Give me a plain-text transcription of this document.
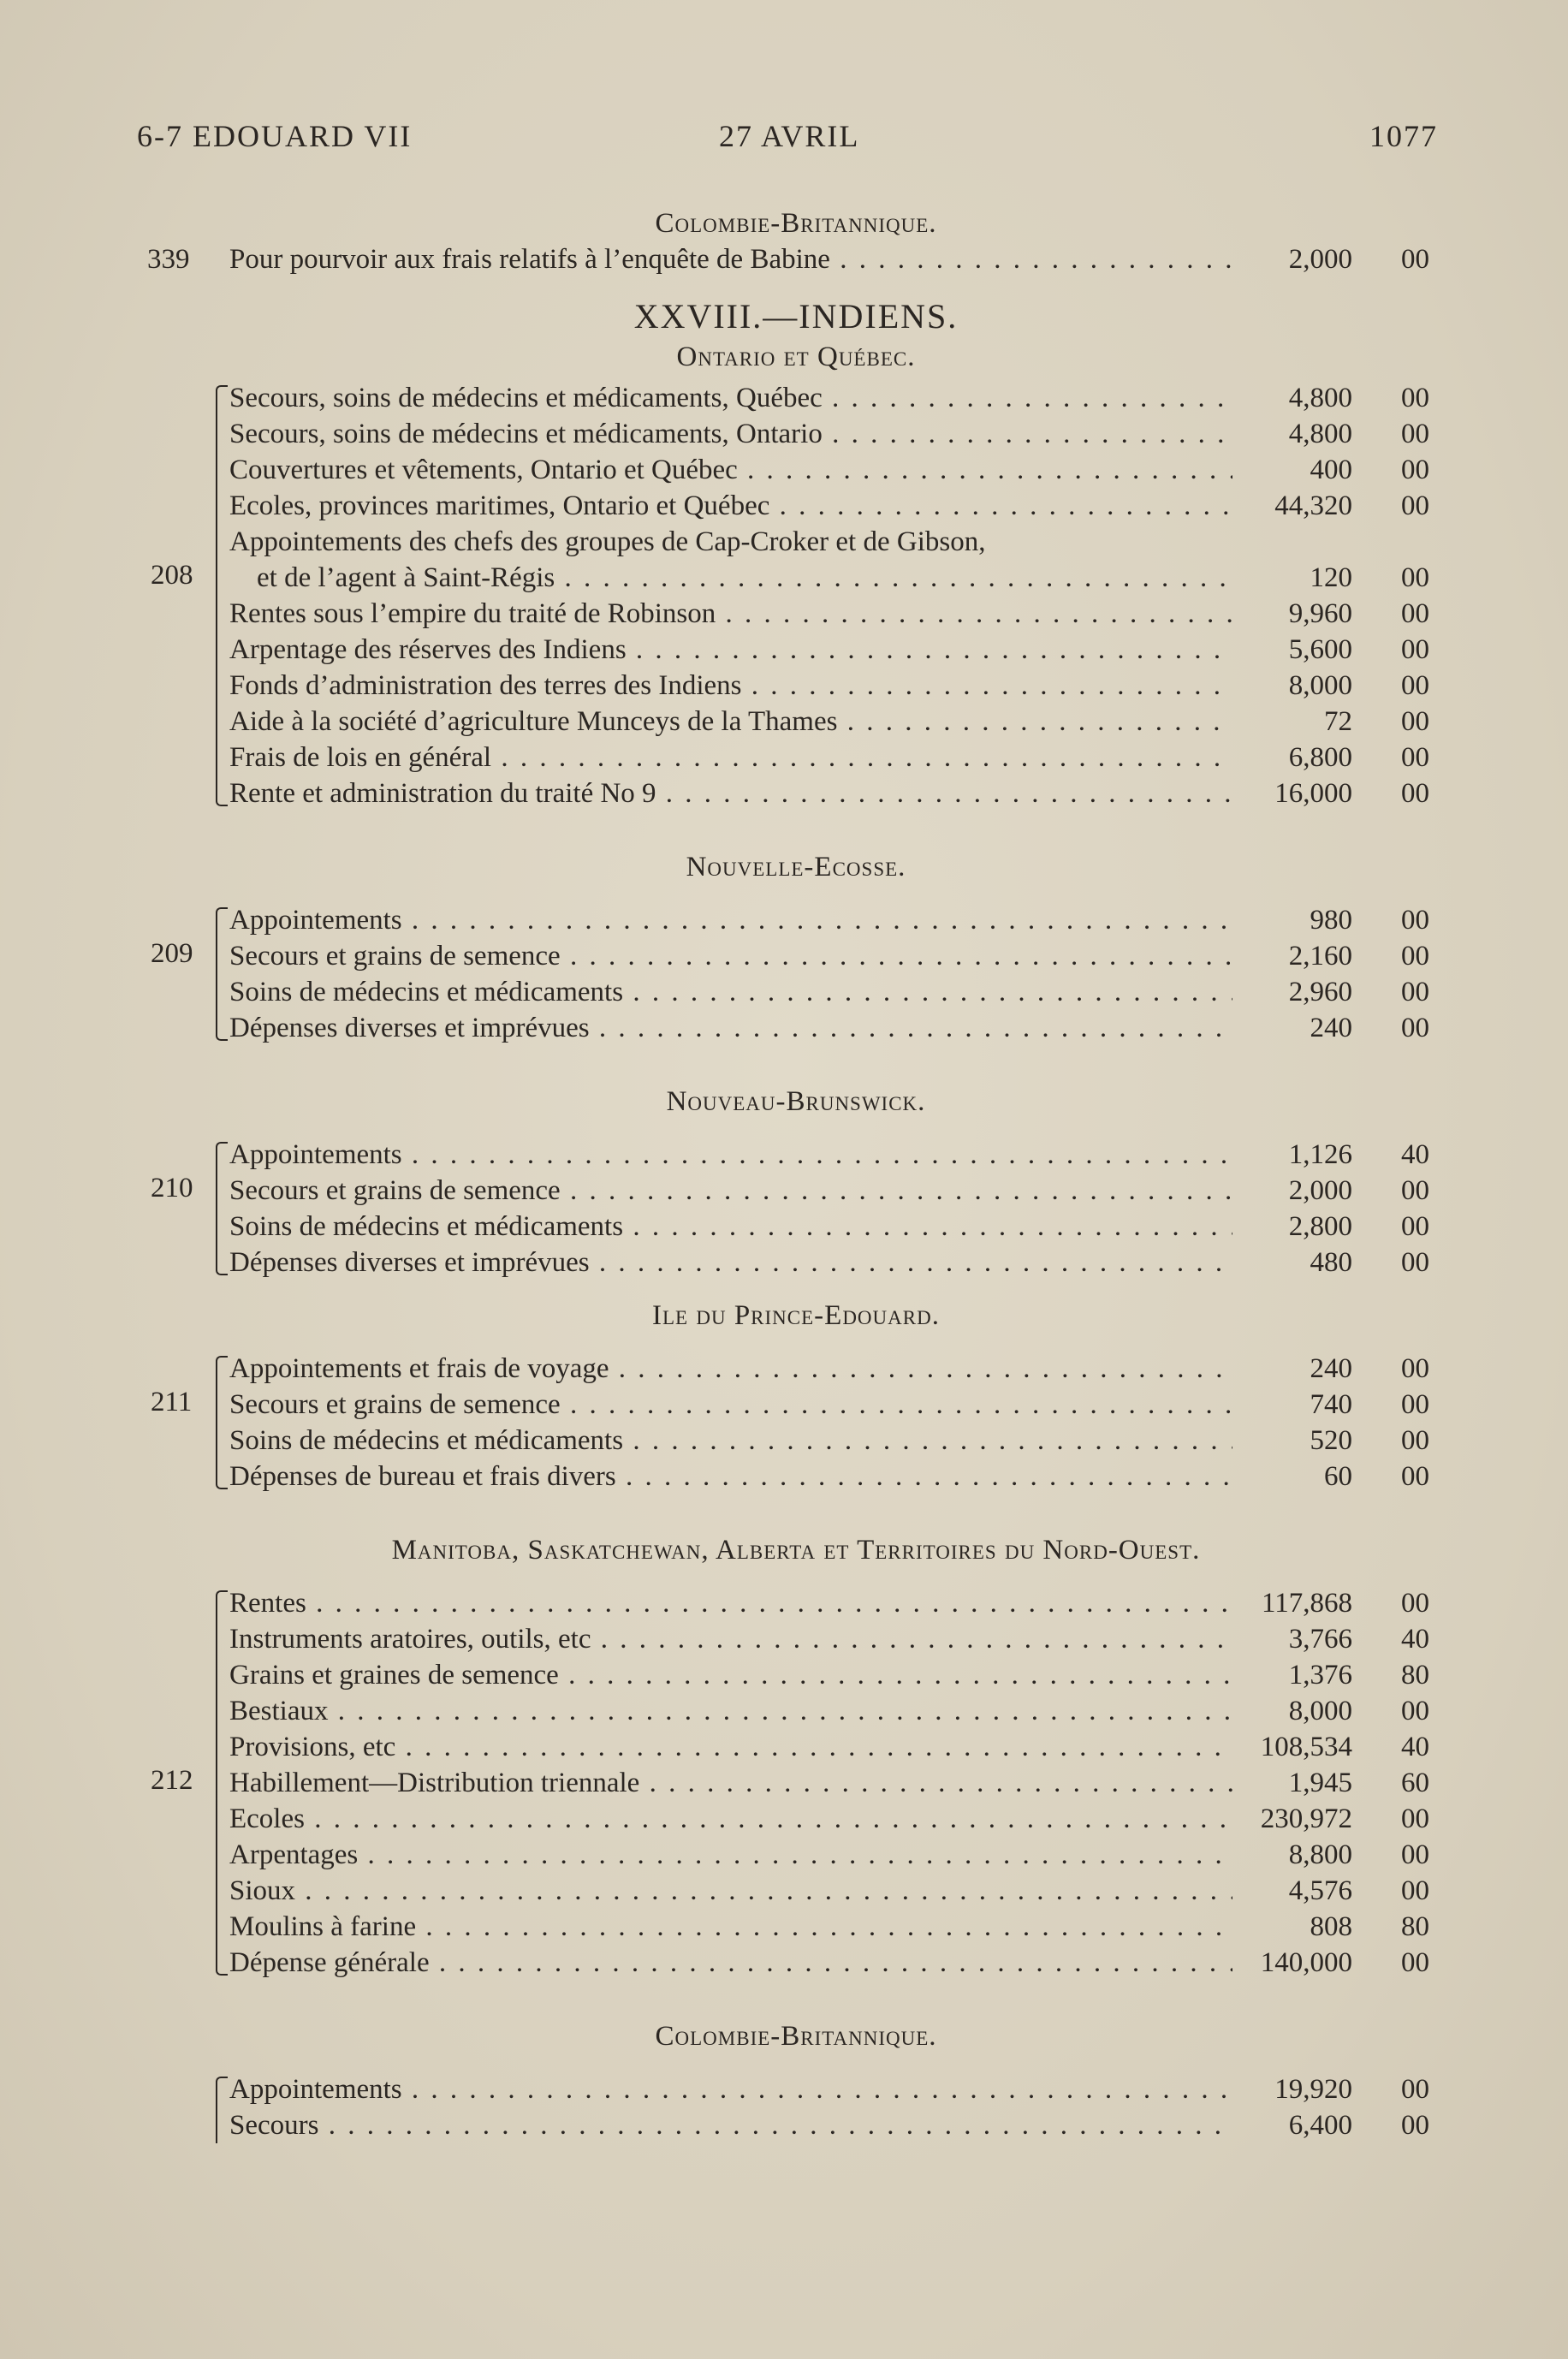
6-7 EDOUARD VII	27 AVRIL	1077
Colombie-Britannique.
339 Pour pourvoir aux frais relatifs à l’enquête de Babine . . .	2,000	00
XXVIII.—INDIENS.
Ontario et Québec.
208
Secours, soins de médecins et médicaments, Québec . . .	4,800	00
Secours, soins de médecins et médicaments, Ontario . . .	4,800	00
Couvertures et vêtements, Ontario et Québec . . .	400	00
Ecoles, provinces maritimes, Ontario et Québec . . .	44,320	00
Appointements des chefs des groupes de Cap-Croker et de Gibson,
et de l’agent à Saint-Régis . . .	120	00
Rentes sous l’empire du traité de Robinson . . .	9,960	00
Arpentage des réserves des Indiens . . .	5,600	00
Fonds d’administration des terres des Indiens . . .	8,000	00
Aide à la société d’agriculture Munceys de la Thames . . .	72	00
Frais de lois en général . . .	6,800	00
Rente et administration du traité No 9 . . .	16,000	00
Nouvelle-Ecosse.
209
Appointements . . .	980	00
Secours et grains de semence . . .	2,160	00
Soins de médecins et médicaments . . .	2,960	00
Dépenses diverses et imprévues . . .	240	00
Nouveau-Brunswick.
210
Appointements . . .	1,126	40
Secours et grains de semence . . .	2,000	00
Soins de médecins et médicaments . . .	2,800	00
Dépenses diverses et imprévues . . .	480	00
Ile du Prince-Edouard.
211
Appointements et frais de voyage . . .	240	00
Secours et grains de semence . . .	740	00
Soins de médecins et médicaments . . .	520	00
Dépenses de bureau et frais divers . . .	60	00
Manitoba, Saskatchewan, Alberta et Territoires du Nord-Ouest.
212
Rentes . . .	117,868	00
Instruments aratoires, outils, etc . . .	3,766	40
Grains et graines de semence . . .	1,376	80
Bestiaux . . .	8,000	00
Provisions, etc . . .	108,534	40
Habillement—Distribution triennale . . .	1,945	60
Ecoles . . .	230,972	00
Arpentages . . .	8,800	00
Sioux . . .	4,576	00
Moulins à farine . . .	808	80
Dépense générale . . .	140,000	00
Colombie-Britannique.
Appointements . . .	19,920	00
Secours . . .	6,400	00
